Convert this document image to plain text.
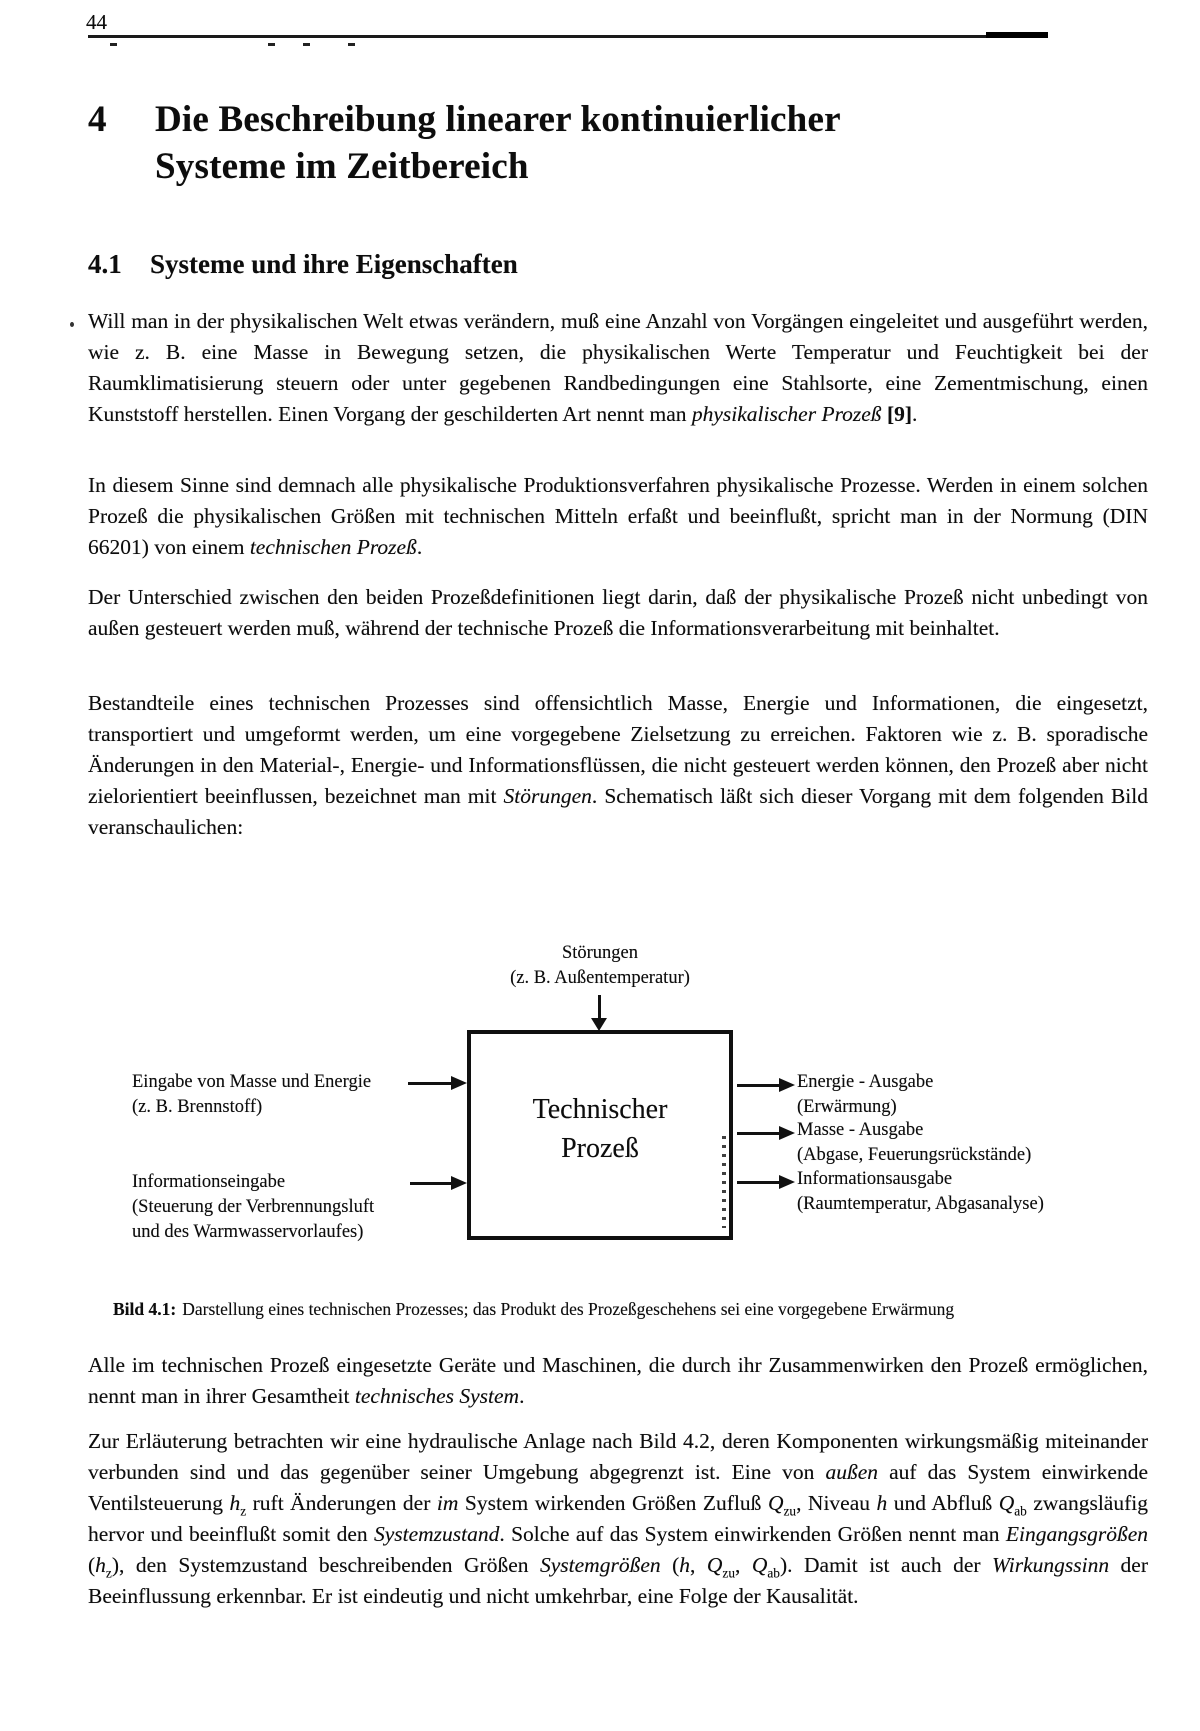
44
4	Die Beschreibung linearer kontinuierlicher Systeme im Zeitbereich
4.1	Systeme und ihre Eigenschaften

Will man in der physikalischen Welt etwas verändern, muß eine Anzahl von Vorgängen eingeleitet und ausgeführt werden, wie z. B. eine Masse in Bewegung setzen, die physikalischen Werte Temperatur und Feuchtigkeit bei der Raumklimatisierung steuern oder unter gegebenen Randbedingungen eine Stahlsorte, eine Zementmischung, einen Kunststoff herstellen. Einen Vorgang der geschilderten Art nennt man physikalischer Prozeß [9].

In diesem Sinne sind demnach alle physikalische Produktionsverfahren physikalische Prozesse. Werden in einem solchen Prozeß die physikalischen Größen mit technischen Mitteln erfaßt und beeinflußt, spricht man in der Normung (DIN 66201) von einem technischen Prozeß.

Der Unterschied zwischen den beiden Prozeßdefinitionen liegt darin, daß der physikalische Prozeß nicht unbedingt von außen gesteuert werden muß, während der technische Prozeß die Informationsverarbeitung mit beinhaltet.

Bestandteile eines technischen Prozesses sind offensichtlich Masse, Energie und Informationen, die eingesetzt, transportiert und umgeformt werden, um eine vorgegebene Zielsetzung zu erreichen. Faktoren wie z. B. sporadische Änderungen in den Material-, Energie- und Informationsflüssen, die nicht gesteuert werden können, den Prozeß aber nicht zielorientiert beeinflussen, bezeichnet man mit Störungen. Schematisch läßt sich dieser Vorgang mit dem folgenden Bild veranschaulichen:

Störungen
(z. B. Außentemperatur)
Technischer
Prozeß
Eingabe von Masse und Energie
(z. B. Brennstoff)
Informationseingabe
(Steuerung der Verbrennungsluft
und des Warmwasservorlaufes)
Energie - Ausgabe
(Erwärmung)
Masse - Ausgabe
(Abgase, Feuerungsrückstände)
Informationsausgabe
(Raumtemperatur, Abgasanalyse)
Bild 4.1: Darstellung eines technischen Prozesses; das Produkt des Prozeßgeschehens sei eine vorgegebene Erwärmung

Alle im technischen Prozeß eingesetzte Geräte und Maschinen, die durch ihr Zusammenwirken den Prozeß ermöglichen, nennt man in ihrer Gesamtheit technisches System.

Zur Erläuterung betrachten wir eine hydraulische Anlage nach Bild 4.2, deren Komponenten wirkungsmäßig miteinander verbunden sind und das gegenüber seiner Umgebung abgegrenzt ist. Eine von außen auf das System einwirkende Ventilsteuerung $h_z$ ruft Änderungen der im System wirkenden Größen Zufluß $Q_{zu}$, Niveau h und Abfluß $Q_{ab}$ zwangsläufig hervor und beeinflußt somit den Systemzustand. Solche auf das System einwirkenden Größen nennt man Eingangsgrößen $(h_z)$, den Systemzustand beschreibenden Größen Systemgrößen (h, $Q_{zu}$, $Q_{ab}$). Damit ist auch der Wirkungssinn der Beeinflussung erkennbar. Er ist eindeutig und nicht umkehrbar, eine Folge der Kausalität.
